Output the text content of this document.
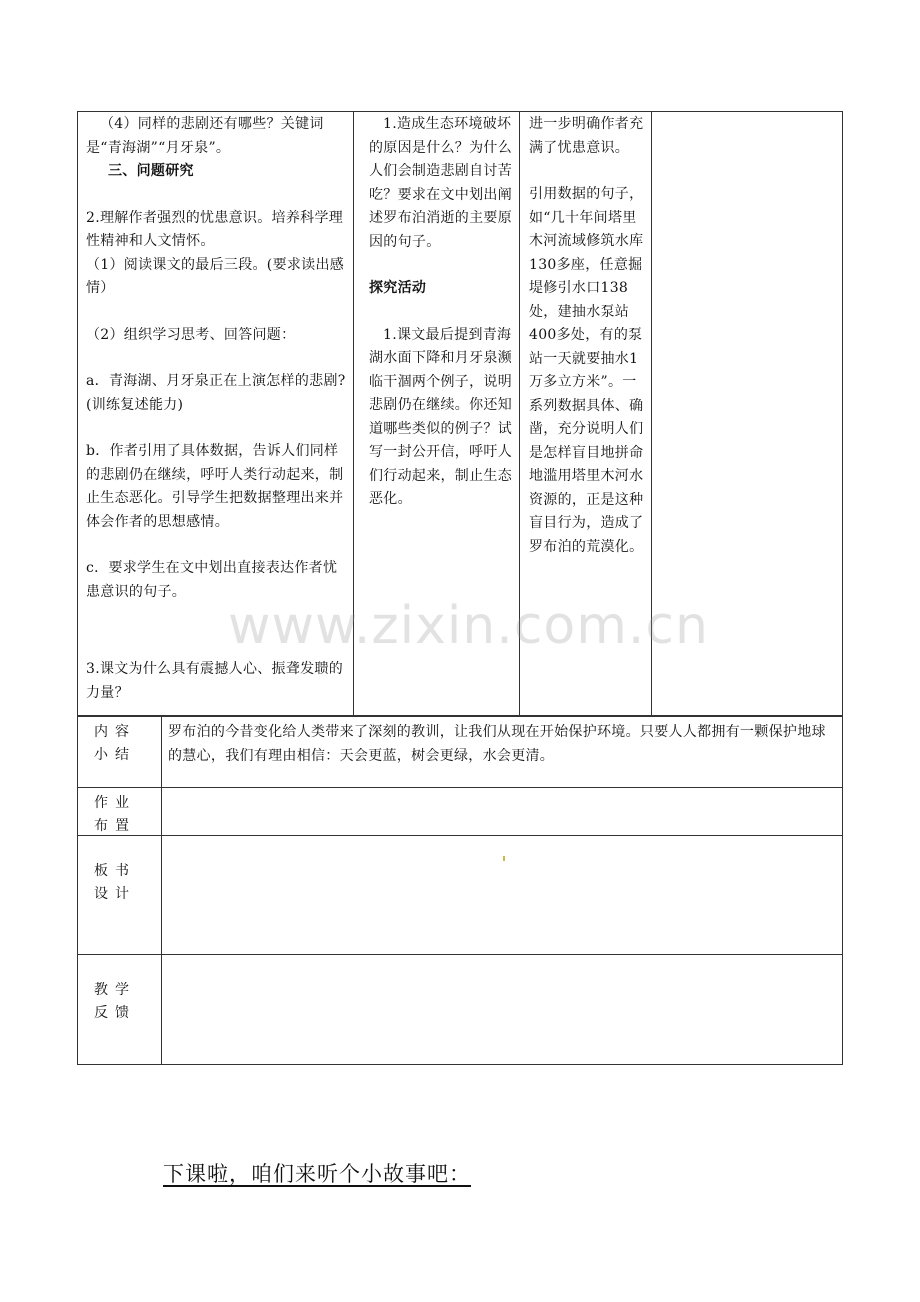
（4）同样的悲剧还有哪些？关键词是“青海湖”“月牙泉”。

三、问题研究

2.理解作者强烈的忧患意识。培养科学理性精神和人文情怀。

（1）阅读课文的最后三段。(要求读出感情）

（2）组织学习思考、回答问题：

a．青海湖、月牙泉正在上演怎样的悲剧?(训练复述能力)

b．作者引用了具体数据，告诉人们同样的悲剧仍在继续，呼吁人类行动起来，制止生态恶化。引导学生把数据整理出来并体会作者的思想感情。

c．要求学生在文中划出直接表达作者忧患意识的句子。

3.课文为什么具有震撼人心、振聋发聩的力量？

1.造成生态环境破坏的原因是什么？为什么人们会制造悲剧自讨苦吃？要求在文中划出阐述罗布泊消逝的主要原因的句子。

探究活动

1.课文最后提到青海湖水面下降和月牙泉濒临干涸两个例子，说明悲剧仍在继续。你还知道哪些类似的例子？试写一封公开信，呼吁人们行动起来，制止生态恶化。

进一步明确作者充满了忧患意识。

引用数据的句子，如“几十年间塔里木河流域修筑水库130多座，任意掘堤修引水口138处，建抽水泵站400多处，有的泵站一天就要抽水1万多立方米”。一系列数据具体、确凿，充分说明人们是怎样盲目地拼命地滥用塔里木河水资源的，正是这种盲目行为，造成了罗布泊的荒漠化。

内容小结
罗布泊的今昔变化给人类带来了深刻的教训，让我们从现在开始保护环境。只要人人都拥有一颗保护地球的慧心，我们有理由相信：天会更蓝，树会更绿，水会更清。
作业布置
板书设计
教学反馈
www.zixin.com.cn
下课啦，咱们来听个小故事吧：
